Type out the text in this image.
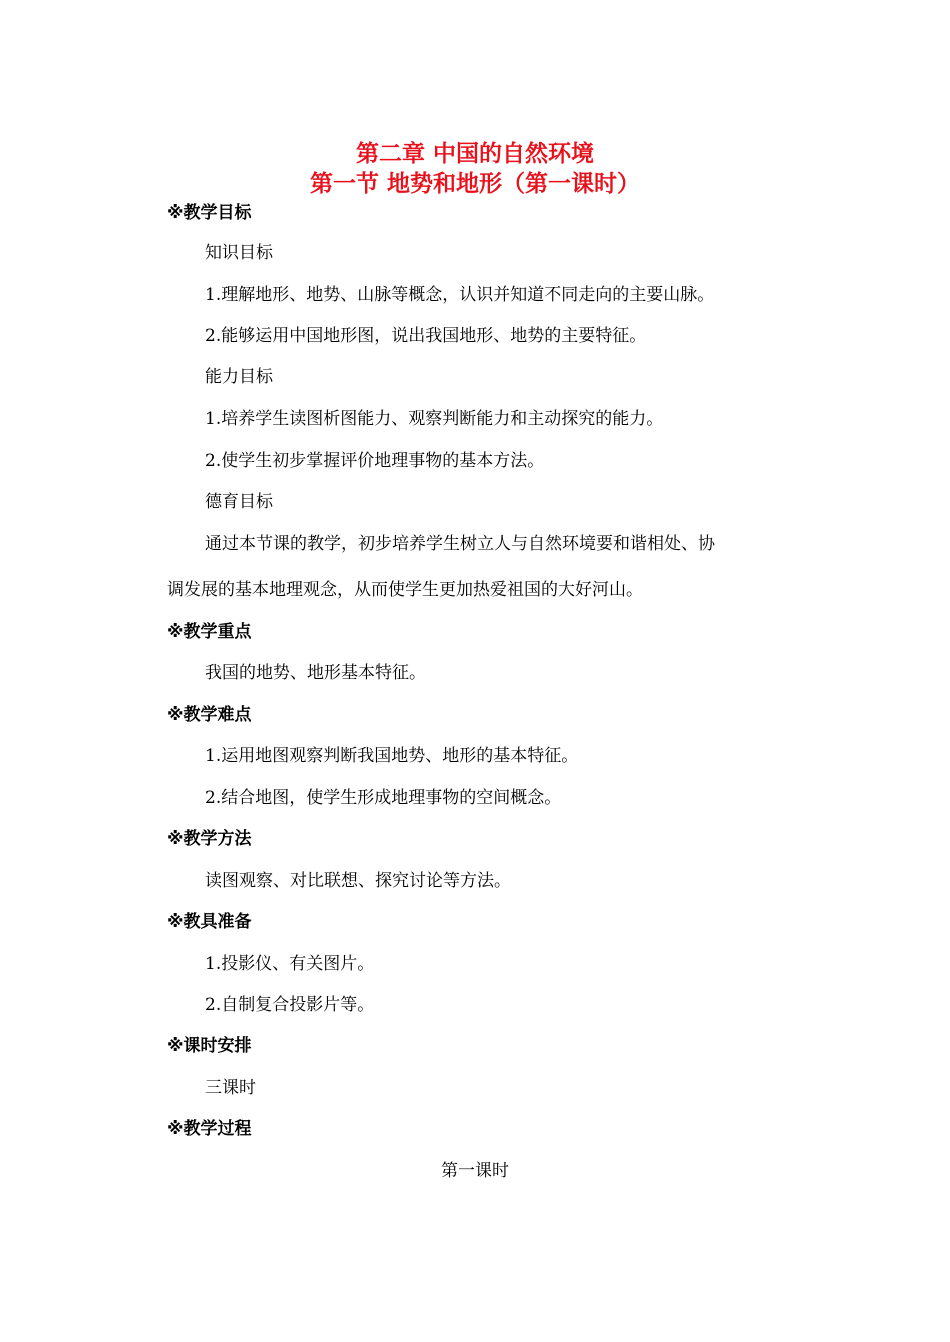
第二章 中国的自然环境
第一节 地势和地形（第一课时）
※教学目标
知识目标
1.理解地形、地势、山脉等概念，认识并知道不同走向的主要山脉。
2.能够运用中国地形图，说出我国地形、地势的主要特征。
能力目标
1.培养学生读图析图能力、观察判断能力和主动探究的能力。
2.使学生初步掌握评价地理事物的基本方法。
德育目标
通过本节课的教学，初步培养学生树立人与自然环境要和谐相处、协
调发展的基本地理观念，从而使学生更加热爱祖国的大好河山。
※教学重点
我国的地势、地形基本特征。
※教学难点
1.运用地图观察判断我国地势、地形的基本特征。
2.结合地图，使学生形成地理事物的空间概念。
※教学方法
读图观察、对比联想、探究讨论等方法。
※教具准备
1.投影仪、有关图片。
2.自制复合投影片等。
※课时安排
三课时
※教学过程
第一课时
